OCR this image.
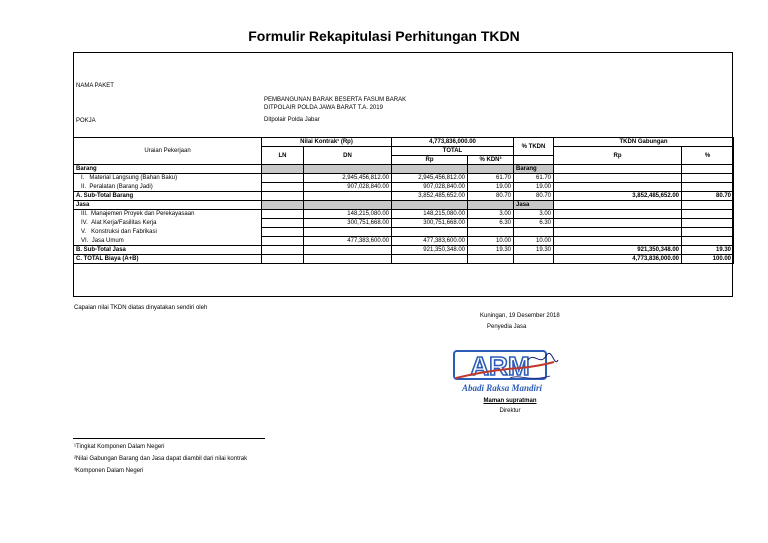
Formulir Rekapitulasi Perhitungan TKDN
NAMA PAKET
PEMBANGUNAN BARAK BESERTA FASUM BARAK
DITPOLAIR POLDA JAWA BARAT T.A. 2019
POKJA	Ditpolair Polda Jabar
Uraian Pekerjaan	Nilai Kontrak¹ (Rp)		4,773,836,000.00		% TKDN	TKDN Gabungan	
	LN	DN	TOTAL			Rp	%
			Rp	% KDN³			
Barang					Barang		
I. Material Langsung (Bahan Baku)		2,945,456,812.00	2,945,456,812.00	61.70	61.70		
II. Peralatan (Barang Jadi)		907,028,840.00	907,028,840.00	19.00	19.00		
A. Sub-Total Barang			3,852,485,652.00	80.70	80.70	3,852,485,652.00	80.70
Jasa					Jasa		
III. Manajemen Proyek dan Perekayasaan		148,215,080.00	148,215,080.00	3.00	3.00		
IV. Alat Kerja/Fasilitas Kerja		300,751,668.00	300,751,668.00	6.30	6.30		
V. Konstruksi dan Fabrikasi							
VI. Jasa Umum		477,383,600.00	477,383,600.00	10.00	10.00		
B. Sub-Total Jasa			921,350,348.00	19.30	19.30	921,350,348.00	19.30
C. TOTAL Biaya (A+B)						4,773,836,000.00	100.00
Capaian nilai TKDN diatas dinyatakan sendiri oleh
Kuningan, 19 Desember 2018
Penyedia Jasa
ARM
Abadi Raksa Mandiri
Maman supratman
Direktur
¹Tingkat Komponen Dalam Negeri
²Nilai Gabungan Barang dan Jasa dapat diambil dari nilai kontrak
³Komponen Dalam Negeri
